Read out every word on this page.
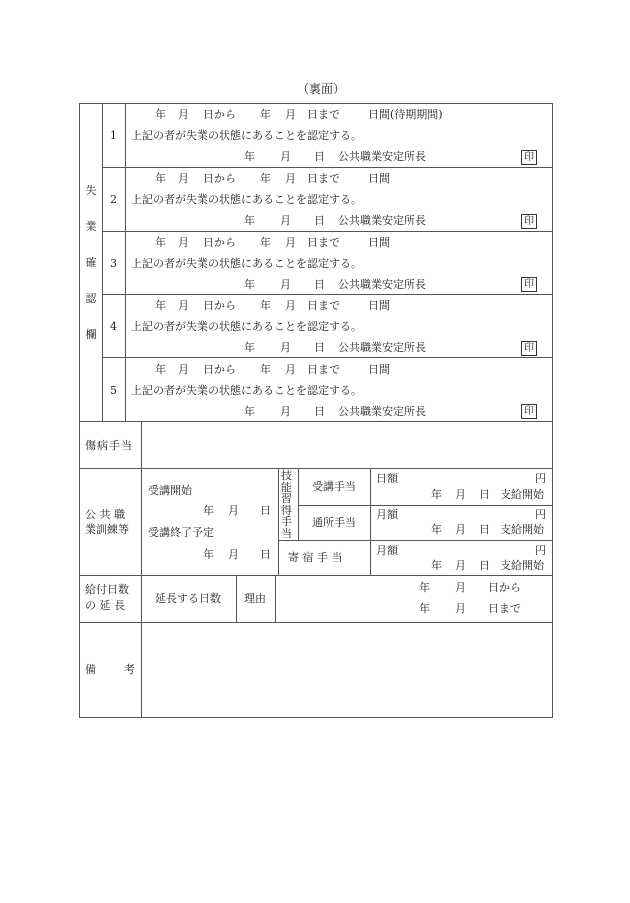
（裏面）
失
業
確
認
欄
1
年 月 日から 年 月 日まで	日間(待期期間)
上記の者が失業の状態にあることを認定する。
年 月 日 公共職業安定所長	印
2
年 月 日から 年 月 日まで	日間
上記の者が失業の状態にあることを認定する。
年 月 日 公共職業安定所長	印
3
年 月 日から 年 月 日まで	日間
上記の者が失業の状態にあることを認定する。
年 月 日 公共職業安定所長	印
4
年 月 日から 年 月 日まで	日間
上記の者が失業の状態にあることを認定する。
年 月 日 公共職業安定所長	印
5
年 月 日から 年 月 日まで	日間
上記の者が失業の状態にあることを認定する。
年 月 日 公共職業安定所長	印
傷病手当
公 共 職
業訓練等
受講開始
年 月 日
受講終了予定
年 月 日
技
能
習
得
手
当
受講手当
日額	円
年 月 日 支給開始
通所手当
月額	円
年 月 日 支給開始
寄 宿 手 当
月額	円
年 月 日 支給開始
給付日数
の 延 長
延長する日数 理由
年 月 日から
年 月 日まで
備	考
